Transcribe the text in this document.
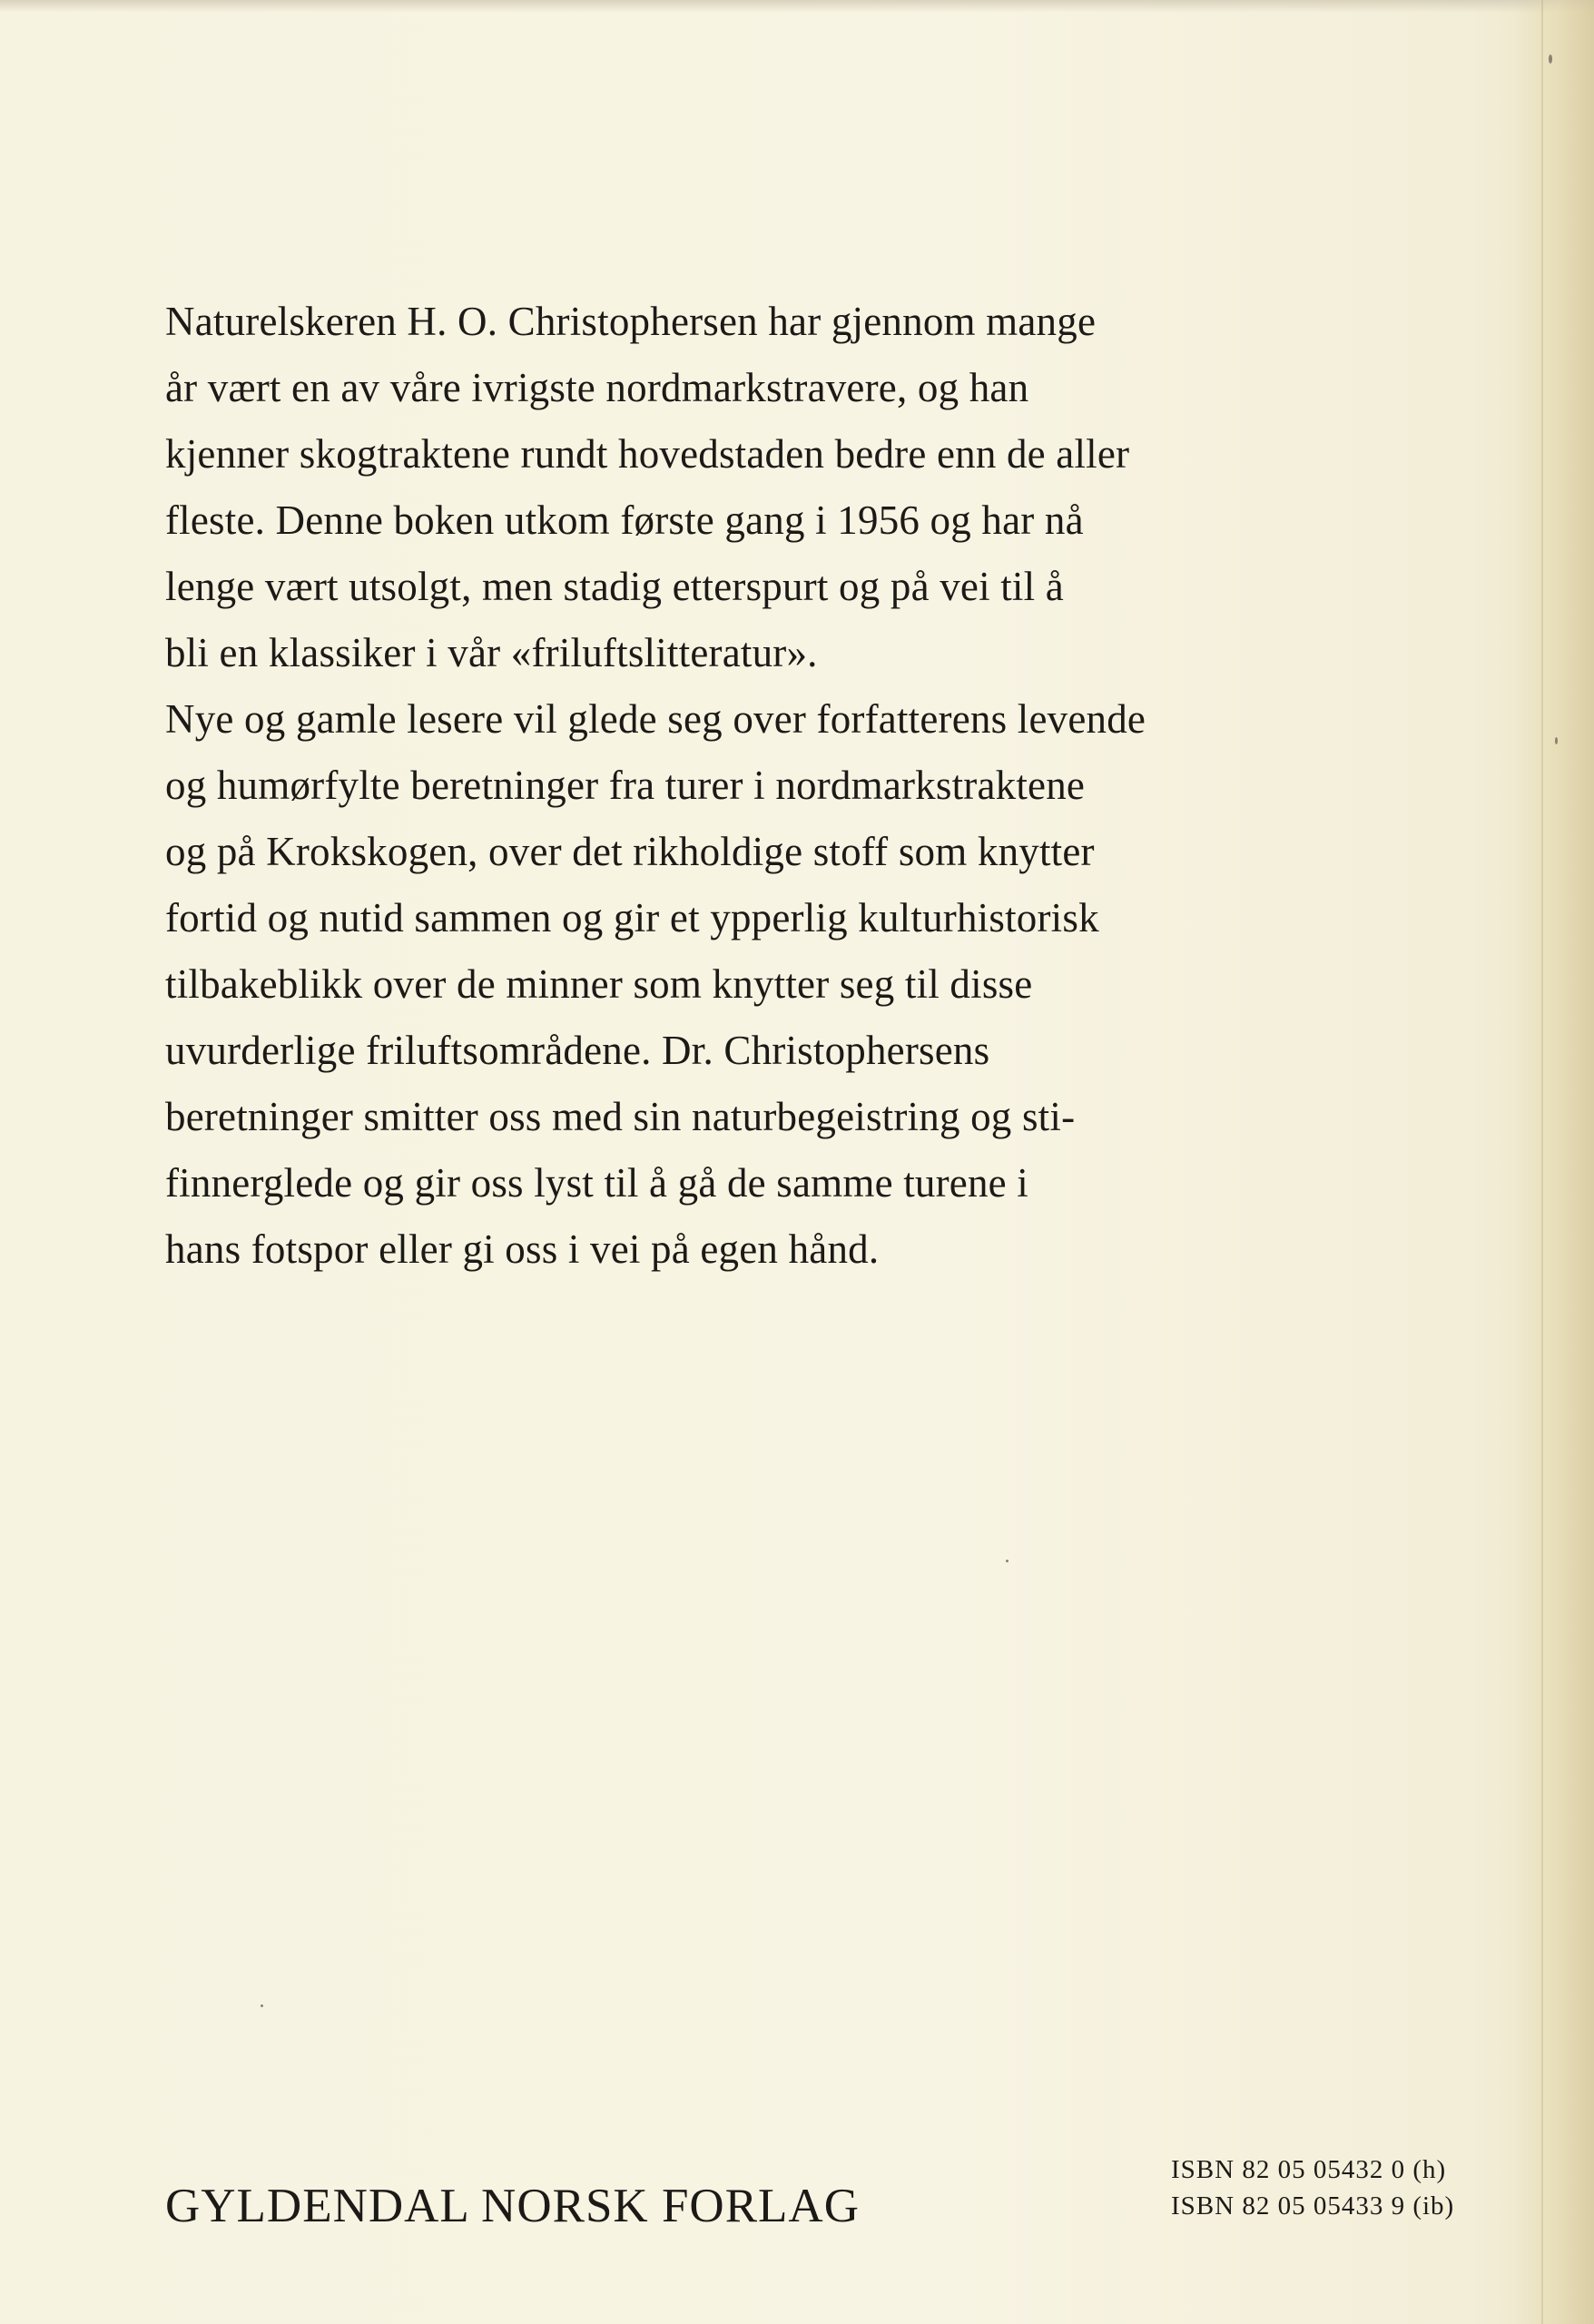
Naturelskeren H. O. Christophersen har gjennom mange
år vært en av våre ivrigste nordmarkstravere, og han
kjenner skogtraktene rundt hovedstaden bedre enn de aller
fleste. Denne boken utkom første gang i 1956 og har nå
lenge vært utsolgt, men stadig etterspurt og på vei til å
bli en klassiker i vår «friluftslitteratur».
Nye og gamle lesere vil glede seg over forfatterens levende
og humørfylte beretninger fra turer i nordmarkstraktene
og på Krokskogen, over det rikholdige stoff som knytter
fortid og nutid sammen og gir et ypperlig kulturhistorisk
tilbakeblikk over de minner som knytter seg til disse
uvurderlige friluftsområdene. Dr. Christophersens
beretninger smitter oss med sin naturbegeistring og sti-
finnerglede og gir oss lyst til å gå de samme turene i
hans fotspor eller gi oss i vei på egen hånd.
GYLDENDAL NORSK FORLAG
ISBN 82 05 05432 0 (h)
ISBN 82 05 05433 9 (ib)
